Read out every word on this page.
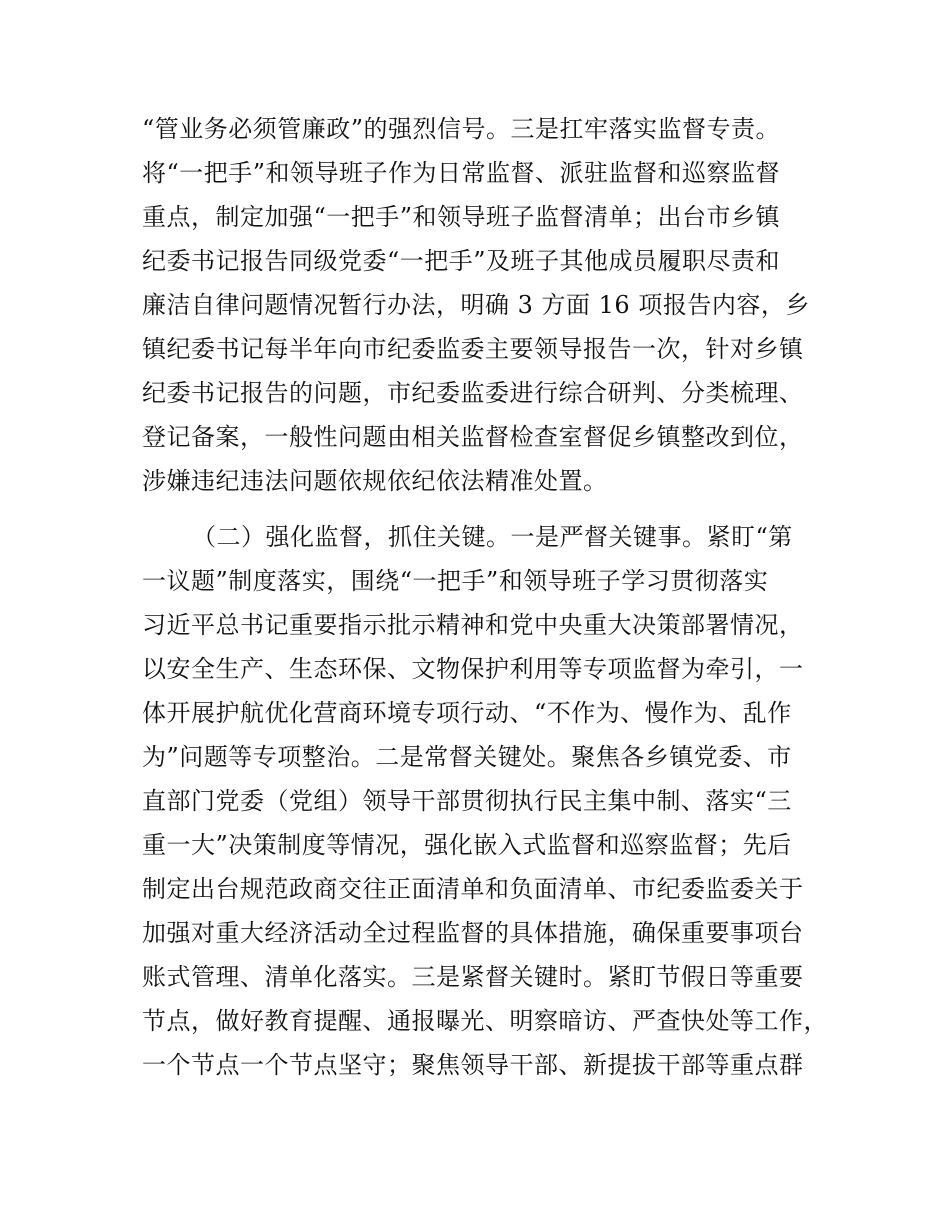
“管业务必须管廉政”的强烈信号。三是扛牢落实监督专责。
将“一把手”和领导班子作为日常监督、派驻监督和巡察监督
重点，制定加强“一把手”和领导班子监督清单；出台市乡镇
纪委书记报告同级党委“一把手”及班子其他成员履职尽责和
廉洁自律问题情况暂行办法，明确 3 方面 16 项报告内容，乡
镇纪委书记每半年向市纪委监委主要领导报告一次，针对乡镇
纪委书记报告的问题，市纪委监委进行综合研判、分类梳理、
登记备案，一般性问题由相关监督检查室督促乡镇整改到位，
涉嫌违纪违法问题依规依纪依法精准处置。
（二）强化监督，抓住关键。一是严督关键事。紧盯“第
一议题”制度落实，围绕“一把手”和领导班子学习贯彻落实
习近平总书记重要指示批示精神和党中央重大决策部署情况，
以安全生产、生态环保、文物保护利用等专项监督为牵引，一
体开展护航优化营商环境专项行动、“不作为、慢作为、乱作
为”问题等专项整治。二是常督关键处。聚焦各乡镇党委、市
直部门党委（党组）领导干部贯彻执行民主集中制、落实“三
重一大”决策制度等情况，强化嵌入式监督和巡察监督；先后
制定出台规范政商交往正面清单和负面清单、市纪委监委关于
加强对重大经济活动全过程监督的具体措施，确保重要事项台
账式管理、清单化落实。三是紧督关键时。紧盯节假日等重要
节点，做好教育提醒、通报曝光、明察暗访、严查快处等工作，
一个节点一个节点坚守；聚焦领导干部、新提拔干部等重点群
